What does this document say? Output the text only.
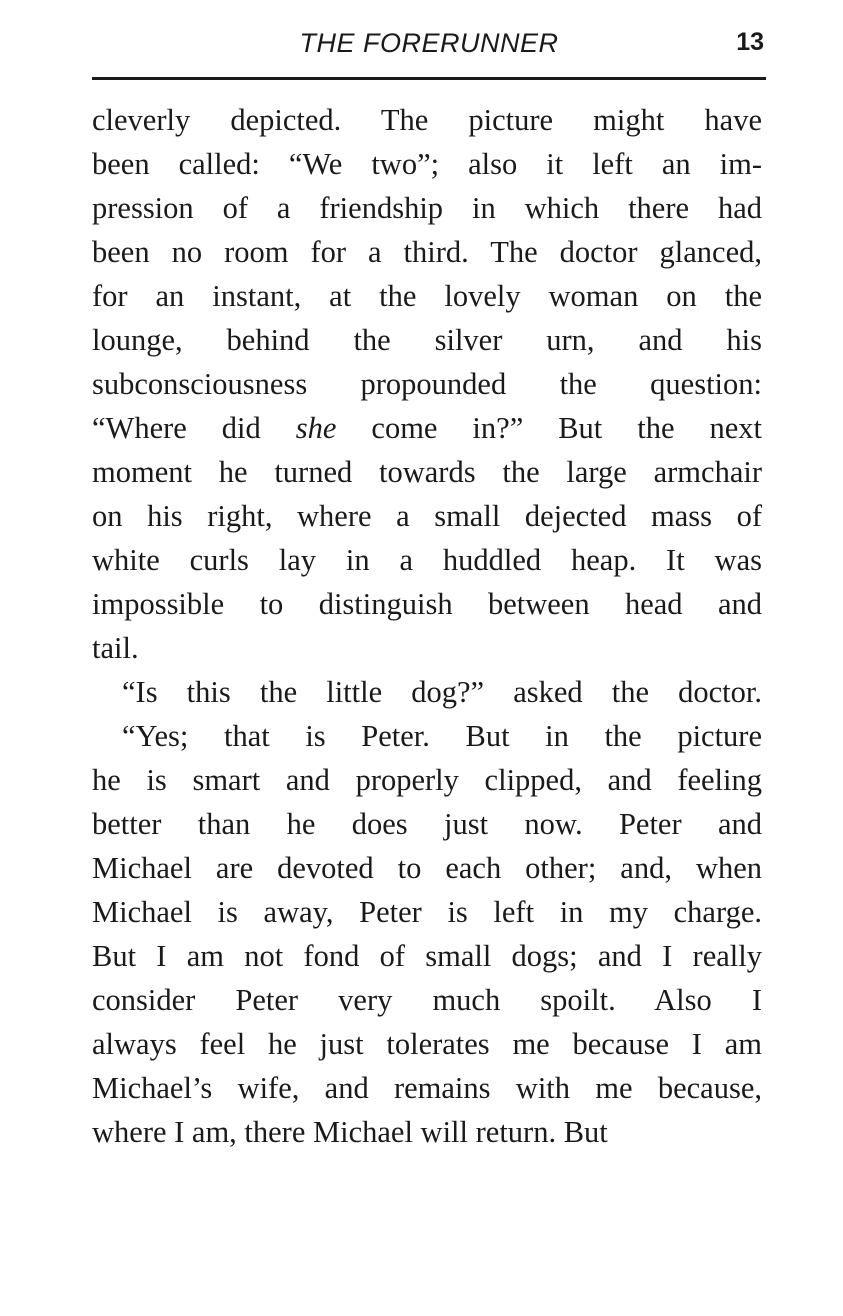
THE FORERUNNER	13
cleverly depicted. The picture might have
been called: “We two”; also it left an im-
pression of a friendship in which there had
been no room for a third. The doctor glanced,
for an instant, at the lovely woman on the
lounge, behind the silver urn, and his
subconsciousness propounded the question:
“Where did she come in?” But the next
moment he turned towards the large armchair
on his right, where a small dejected mass of
white curls lay in a huddled heap. It was
impossible to distinguish between head and
tail.
“Is this the little dog?” asked the doctor.
“Yes; that is Peter. But in the picture
he is smart and properly clipped, and feeling
better than he does just now. Peter and
Michael are devoted to each other; and, when
Michael is away, Peter is left in my charge.
But I am not fond of small dogs; and I really
consider Peter very much spoilt. Also I
always feel he just tolerates me because I am
Michael’s wife, and remains with me because,
where I am, there Michael will return. But
